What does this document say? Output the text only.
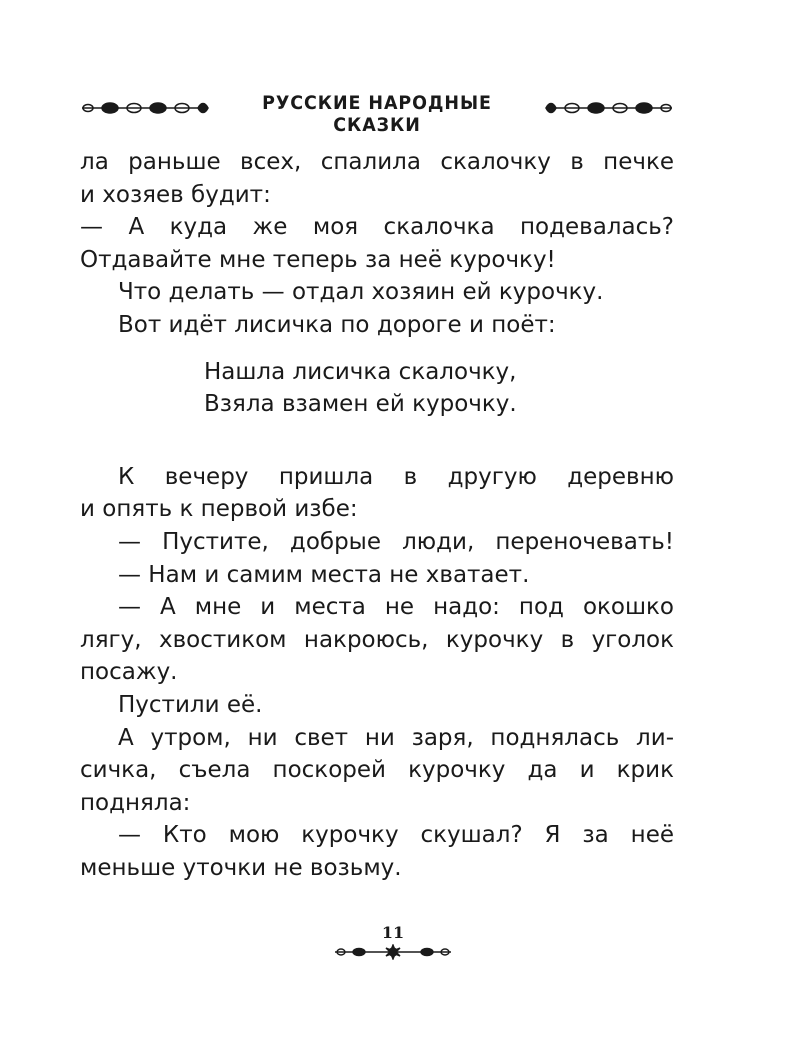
РУССКИЕ НАРОДНЫЕ СКАЗКИ
ла раньше всех, спалила скалочку в печке
и хозяев будит:
— А куда же моя скалочка подевалась?
Отдавайте мне теперь за неё курочку!
Что делать — отдал хозяин ей курочку.
Вот идёт лисичка по дороге и поёт:
Нашла лисичка скалочку,
Взяла взамен ей курочку.
К вечеру пришла в другую деревню
и опять к первой избе:
— Пустите, добрые люди, переночевать!
— Нам и самим места не хватает.
— А мне и места не надо: под окошко
лягу, хвостиком накроюсь, курочку в уголок
посажу.
Пустили её.
А утром, ни свет ни заря, поднялась ли-
сичка, съела поскорей курочку да и крик
подняла:
— Кто мою курочку скушал? Я за неё
меньше уточки не возьму.
11
